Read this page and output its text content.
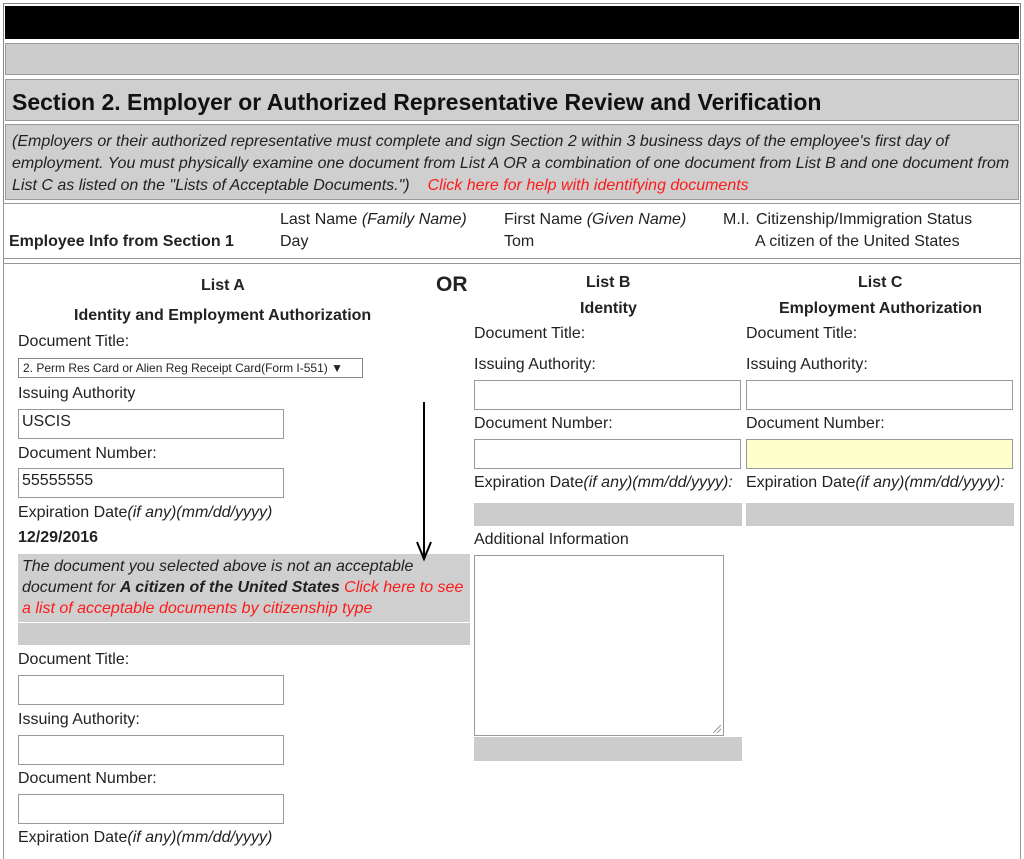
Section 2. Employer or Authorized Representative Review and Verification
(Employers or their authorized representative must complete and sign Section 2 within 3 business days of the employee's first day of employment. You must physically examine one document from List A OR a combination of one document from List B and one document from List C as listed on the "Lists of Acceptable Documents.") Click here for help with identifying documents
Employee Info from Section 1
Last Name (Family Name)
Day
First Name (Given Name)
Tom
M.I. Citizenship/Immigration Status
A citizen of the United States
List A
Identity and Employment Authorization
Document Title:
2. Perm Res Card or Alien Reg Receipt Card(Form I-551) ▼
Issuing Authority
USCIS
Document Number:
55555555
Expiration Date(if any)(mm/dd/yyyy)
12/29/2016
The document you selected above is not an acceptable document for A citizen of the United States Click here to see a list of acceptable documents by citizenship type
Document Title:
Issuing Authority:
Document Number:
Expiration Date(if any)(mm/dd/yyyy)
OR	List B
Identity
Document Title:
Issuing Authority:
Document Number:
Expiration Date(if any)(mm/dd/yyyy):
Additional Information
List C
Employment Authorization
Document Title:
Issuing Authority:
Document Number:
Expiration Date(if any)(mm/dd/yyyy):
